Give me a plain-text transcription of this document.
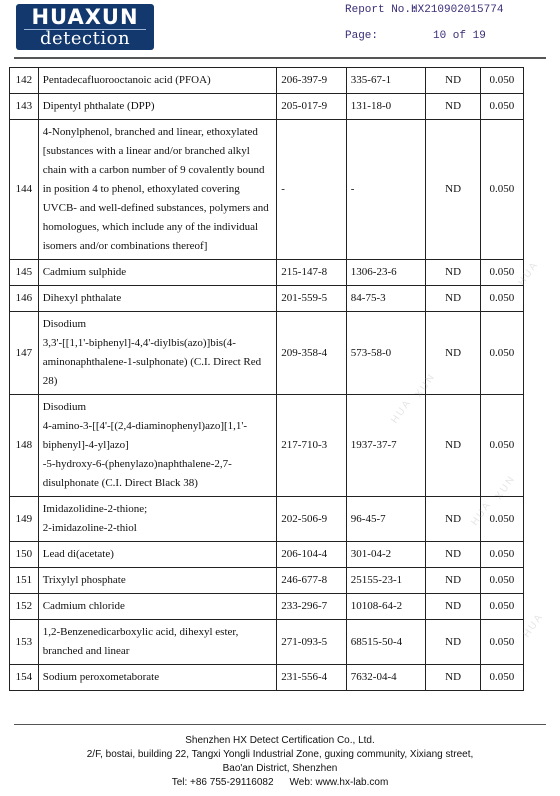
HUAXUN
detection
Report No.:HX210902015774
Page:	10 of 19
142	Pentadecafluorooctanoic acid (PFOA)	206-397-9	335-67-1	ND	0.050
143	Dipentyl phthalate (DPP)	205-017-9	131-18-0	ND	0.050
144	4-Nonylphenol, branched and linear, ethoxylated
[substances with a linear and/or branched alkyl chain with a carbon number of 9 covalently bound in position 4 to phenol, ethoxylated covering UVCB- and well-defined substances, polymers and homologues, which include any of the individual isomers and/or combinations thereof]	-	-	ND	0.050
145	Cadmium sulphide	215-147-8	1306-23-6	ND	0.050
146	Dihexyl phthalate	201-559-5	84-75-3	ND	0.050
147	Disodium
3,3'-[[1,1'-biphenyl]-4,4'-diylbis(azo)]bis(4-aminonaphthalene-1-sulphonate) (C.I. Direct Red 28)	209-358-4	573-58-0	ND	0.050
148	Disodium
4-amino-3-[[4'-[(2,4-diaminophenyl)azo][1,1'-biphenyl]-4-yl]azo]
-5-hydroxy-6-(phenylazo)naphthalene-2,7-disulphonate (C.I. Direct Black 38)	217-710-3	1937-37-7	ND	0.050
149	Imidazolidine-2-thione;
2-imidazoline-2-thiol	202-506-9	96-45-7	ND	0.050
150	Lead di(acetate)	206-104-4	301-04-2	ND	0.050
151	Trixylyl phosphate	246-677-8	25155-23-1	ND	0.050
152	Cadmium chloride	233-296-7	10108-64-2	ND	0.050
153	1,2-Benzenedicarboxylic acid, dihexyl ester, branched and linear	271-093-5	68515-50-4	ND	0.050
154	Sodium peroxometaborate	231-556-4	7632-04-4	ND	0.050
HUA
XUN
HUA
XUN
HUA
HUA
Shenzhen HX Detect Certification Co., Ltd.
2/F, bostai, building 22, Tangxi Yongli Industrial Zone, guxing community, Xixiang street,
Bao'an District, Shenzhen
Tel: +86 755-29116082 Web: www.hx-lab.com
